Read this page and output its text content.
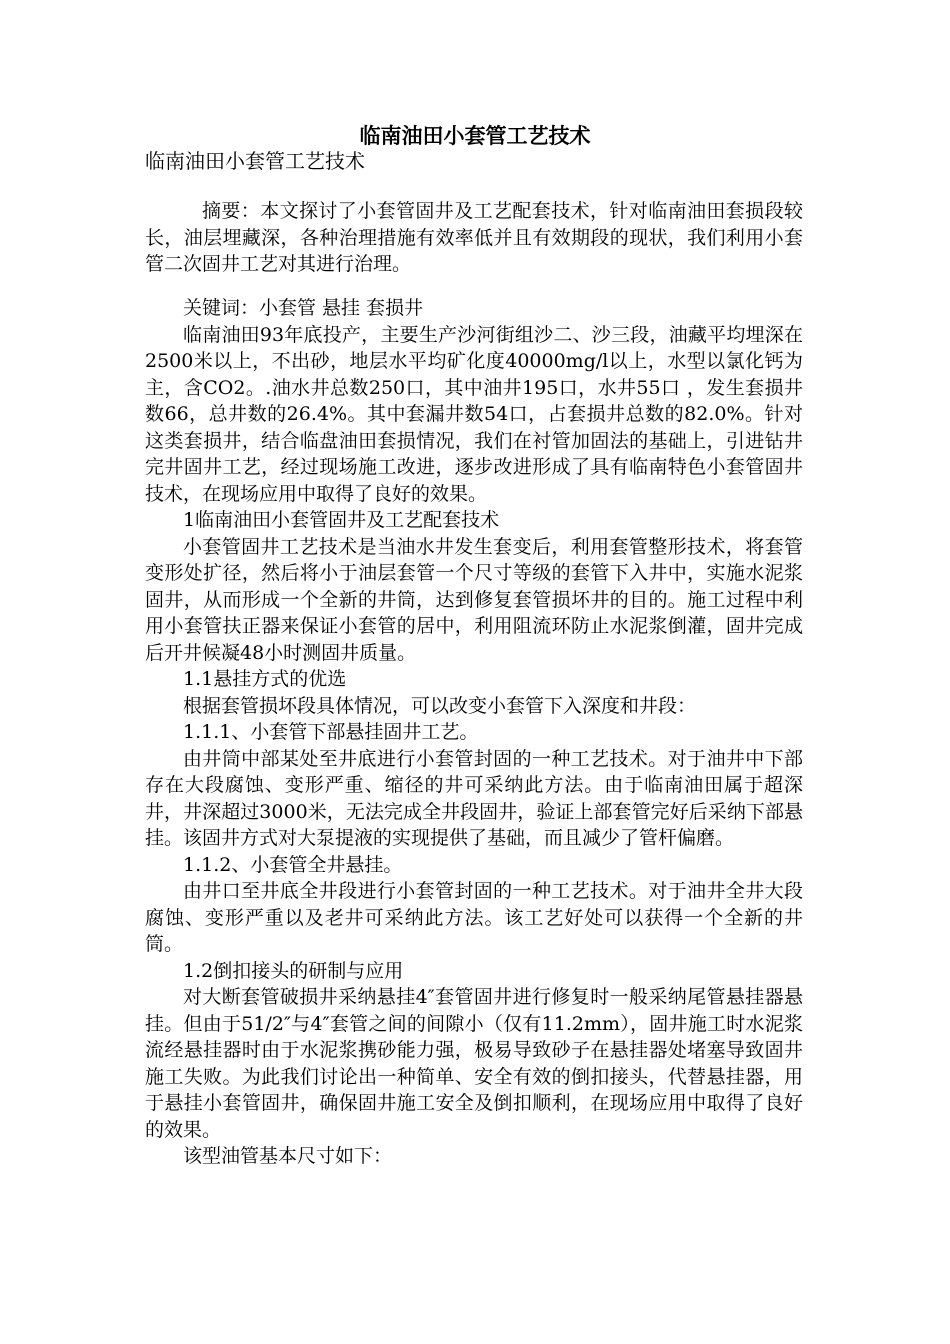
临南油田小套管工艺技术
临南油田小套管工艺技术

摘要：本文探讨了小套管固井及工艺配套技术，针对临南油田套损段较长，油层埋藏深，各种治理措施有效率低并且有效期段的现状，我们利用小套管二次固井工艺对其进行治理。

关键词：小套管 悬挂 套损井

临南油田93年底投产，主要生产沙河街组沙二、沙三段，油藏平均埋深在2500米以上，不出砂，地层水平均矿化度40000mg/l以上，水型以氯化钙为主，含CO2。.油水井总数250口，其中油井195口，水井55口 ，发生套损井数66，总井数的26.4%。其中套漏井数54口，占套损井总数的82.0%。针对这类套损井，结合临盘油田套损情况，我们在衬管加固法的基础上，引进钻井完井固井工艺，经过现场施工改进，逐步改进形成了具有临南特色小套管固井技术，在现场应用中取得了良好的效果。

1临南油田小套管固井及工艺配套技术

小套管固井工艺技术是当油水井发生套变后，利用套管整形技术，将套管变形处扩径，然后将小于油层套管一个尺寸等级的套管下入井中，实施水泥浆固井，从而形成一个全新的井筒，达到修复套管损坏井的目的。施工过程中利用小套管扶正器来保证小套管的居中，利用阻流环防止水泥浆倒灌，固井完成后开井候凝48小时测固井质量。

1.1悬挂方式的优选

根据套管损坏段具体情况，可以改变小套管下入深度和井段：

1.1.1、小套管下部悬挂固井工艺。

由井筒中部某处至井底进行小套管封固的一种工艺技术。对于油井中下部存在大段腐蚀、变形严重、缩径的井可采纳此方法。由于临南油田属于超深井，井深超过3000米，无法完成全井段固井，验证上部套管完好后采纳下部悬挂。该固井方式对大泵提液的实现提供了基础，而且减少了管杆偏磨。

1.1.2、小套管全井悬挂。

由井口至井底全井段进行小套管封固的一种工艺技术。对于油井全井大段腐蚀、变形严重以及老井可采纳此方法。该工艺好处可以获得一个全新的井筒。

1.2倒扣接头的研制与应用

对大断套管破损井采纳悬挂4″套管固井进行修复时一般采纳尾管悬挂器悬挂。但由于51/2″与4″套管之间的间隙小（仅有11.2mm），固井施工时水泥浆流经悬挂器时由于水泥浆携砂能力强，极易导致砂子在悬挂器处堵塞导致固井施工失败。为此我们讨论出一种简单、安全有效的倒扣接头，代替悬挂器，用于悬挂小套管固井，确保固井施工安全及倒扣顺利，在现场应用中取得了良好的效果。

该型油管基本尺寸如下：
